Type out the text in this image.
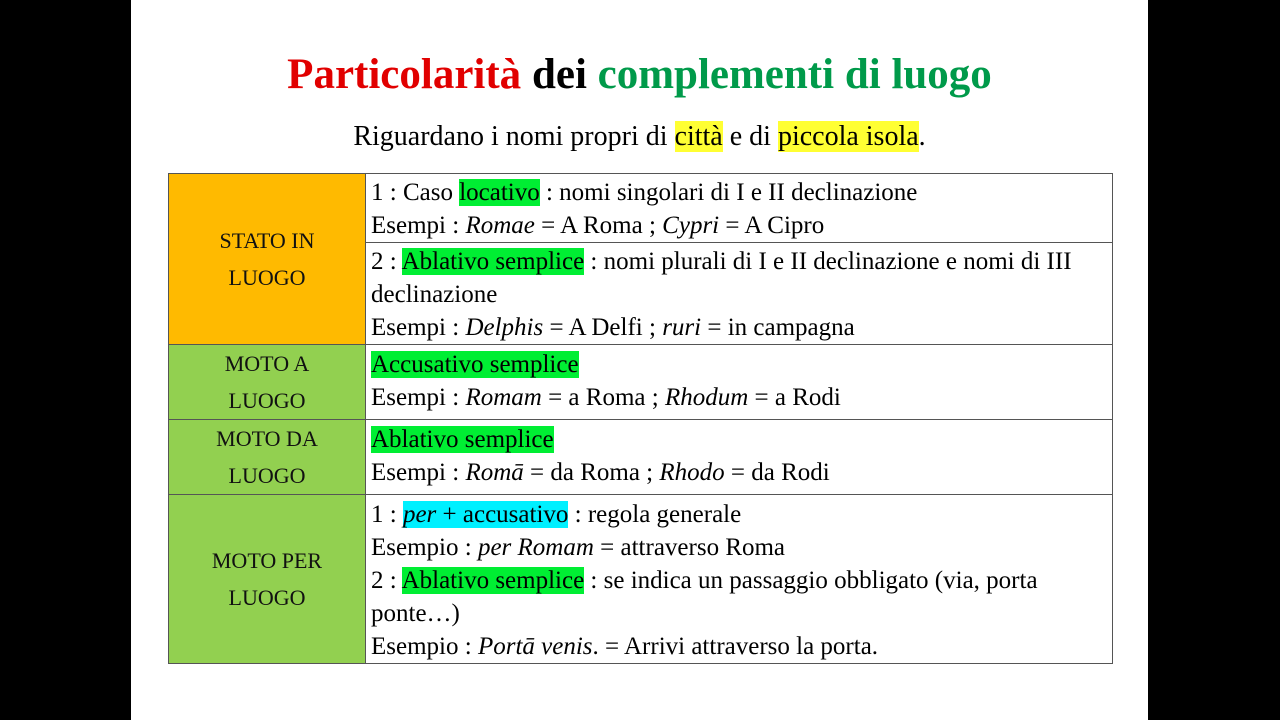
Particolarità dei complementi di luogo
Riguardano i nomi propri di città e di piccola isola.
STATO IN LUOGO	1 : Caso locativo : nomi singolari di I e II declinazione
Esempi : Romae = A Roma ; Cypri = A Cipro

	2 : Ablativo semplice : nomi plurali di I e II declinazione e nomi di III declinazione
Esempi : Delphis = A Delfi ; ruri = in campagna

MOTO A LUOGO	Accusativo semplice
Esempi : Romam = a Roma ; Rhodum = a Rodi

MOTO DA LUOGO	Ablativo semplice
Esempi : Romā = da Roma ; Rhodo = da Rodi

MOTO PER LUOGO	1 : per + accusativo : regola generale
Esempio : per Romam = attraverso Roma
2 : Ablativo semplice : se indica un passaggio obbligato (via, porta ponte…)
Esempio : Portā venis. = Arrivi attraverso la porta.
